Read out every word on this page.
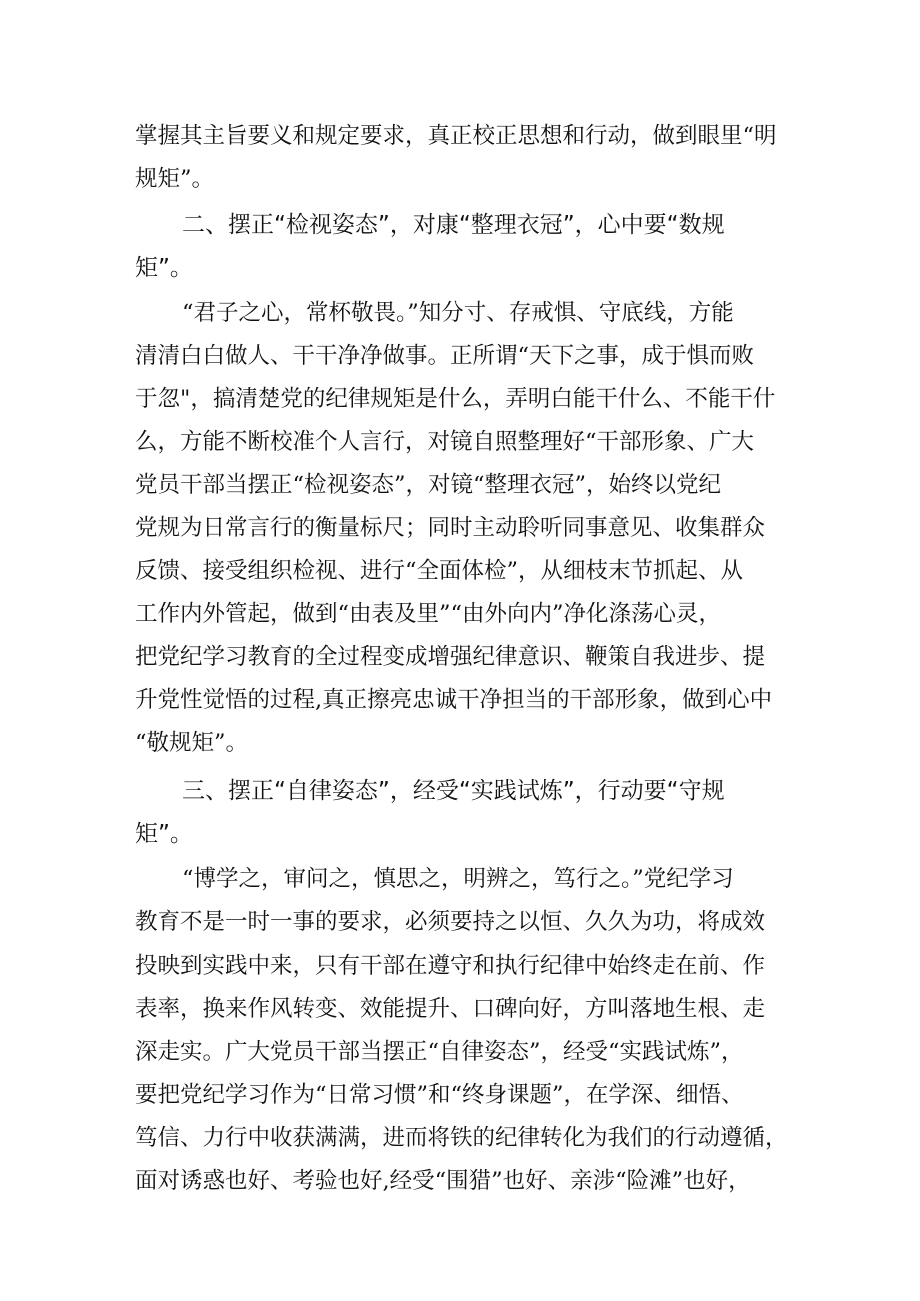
掌握其主旨要义和规定要求，真正校正思想和行动，做到眼里“明
规矩”。
二、摆正“检视姿态”，对康“整理衣冠”，心中要“数规
矩”。
“君子之心，常杯敬畏。”知分寸、存戒惧、守底线，方能
清清白白做人、干干净净做事。正所谓“天下之事，成于惧而败
于忽"，搞清楚党的纪律规矩是什么，弄明白能干什么、不能干什
么，方能不断校准个人言行，对镜自照整理好“干部形象、广大
党员干部当摆正“检视姿态”，对镜“整理衣冠”，始终以党纪
党规为日常言行的衡量标尺；同时主动聆听同事意见、收集群众
反馈、接受组织检视、进行“全面体检”，从细枝末节抓起、从
工作内外管起，做到“由表及里”“由外向内”净化涤荡心灵，
把党纪学习教育的全过程变成增强纪律意识、鞭策自我进步、提
升党性觉悟的过程,真正擦亮忠诚干净担当的干部形象，做到心中
“敬规矩”。
三、摆正“自律姿态”，经受“实践试炼”，行动要“守规
矩”。
“博学之，审问之，慎思之，明辨之，笃行之。”党纪学习
教育不是一时一事的要求，必须要持之以恒、久久为功，将成效
投映到实践中来，只有干部在遵守和执行纪律中始终走在前、作
表率，换来作风转变、效能提升、口碑向好，方叫落地生根、走
深走实。广大党员干部当摆正“自律姿态”，经受“实践试炼”，
要把党纪学习作为“日常习惯”和“终身课题”，在学深、细悟、
笃信、力行中收获满满，进而将铁的纪律转化为我们的行动遵循，
面对诱惑也好、考验也好,经受“围猎”也好、亲涉“险滩”也好，
